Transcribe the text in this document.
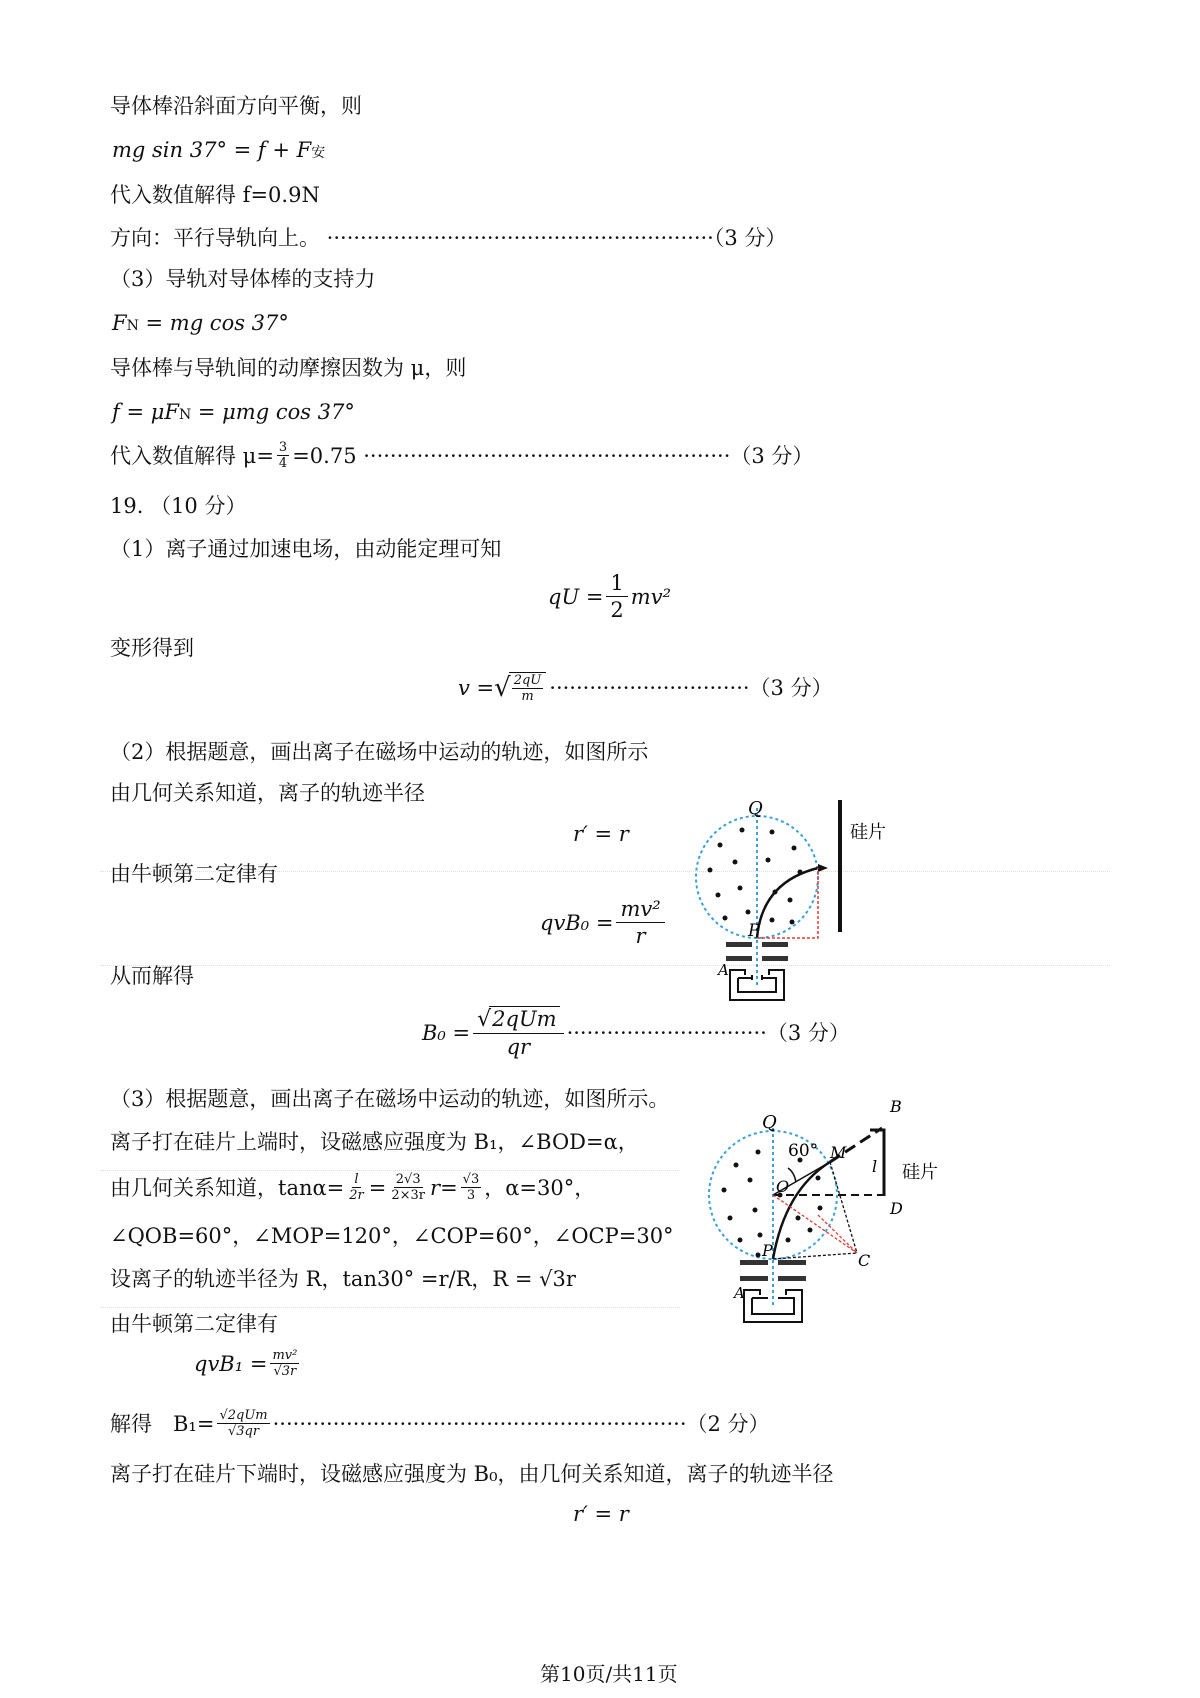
导体棒沿斜面方向平衡，则
mg sin 37° = f + F安
代入数值解得 f=0.9N
方向：平行导轨向上。 ··························································（3 分）
（3）导轨对导体棒的支持力
FN = mg cos 37°
导体棒与导轨间的动摩擦因数为 μ，则
f = μFN = μmg cos 37°
代入数值解得 $\mu= \frac{3}{4} =0.75$ ······················································· （3 分）
19. （10 分）
（1）离子通过加速电场，由动能定理可知
qU = $\frac{1}{2} mv^2$
变形得到
v = √
$\frac{2qU}{m}$ ······························ （3 分）
（2）根据题意，画出离子在磁场中运动的轨迹，如图所示
由几何关系知道，离子的轨迹半径
r′ = r
由牛顿第二定律有
$qvB_0 = \frac{\text{mv²}}{r}$
从而解得
$B_0 = \frac{\text{√2qUm}}{qr}$ ······························ （3 分）
（3）根据题意，画出离子在磁场中运动的轨迹，如图所示。
离子打在硅片上端时，设磁感应强度为 B₁，∠BOD=α，
由几何关系知道，$\tan\alpha= \frac{l}{2r} = \frac{2√3}{2\times 3r} r= \frac{√3}{3}$ ，α=30°，
∠QOB=60°，∠MOP=120°，∠COP=60°，∠OCP=30°
设离子的轨迹半径为 R，tan30° =r/R，R = √3r
由牛顿第二定律有
$qvB_1 = \frac{\text{mv²}}{√3r}$
解得　$B_1= \frac{\text{√2qUm}}{√3qr}$ ······························································ （2 分）
离子打在硅片下端时，设磁感应强度为 B₀，由几何关系知道，离子的轨迹半径
r′ = r
Q
P
A
硅片
Q
M
O
P
A
B
D
C
l
60°
硅片
第10页/共11页
